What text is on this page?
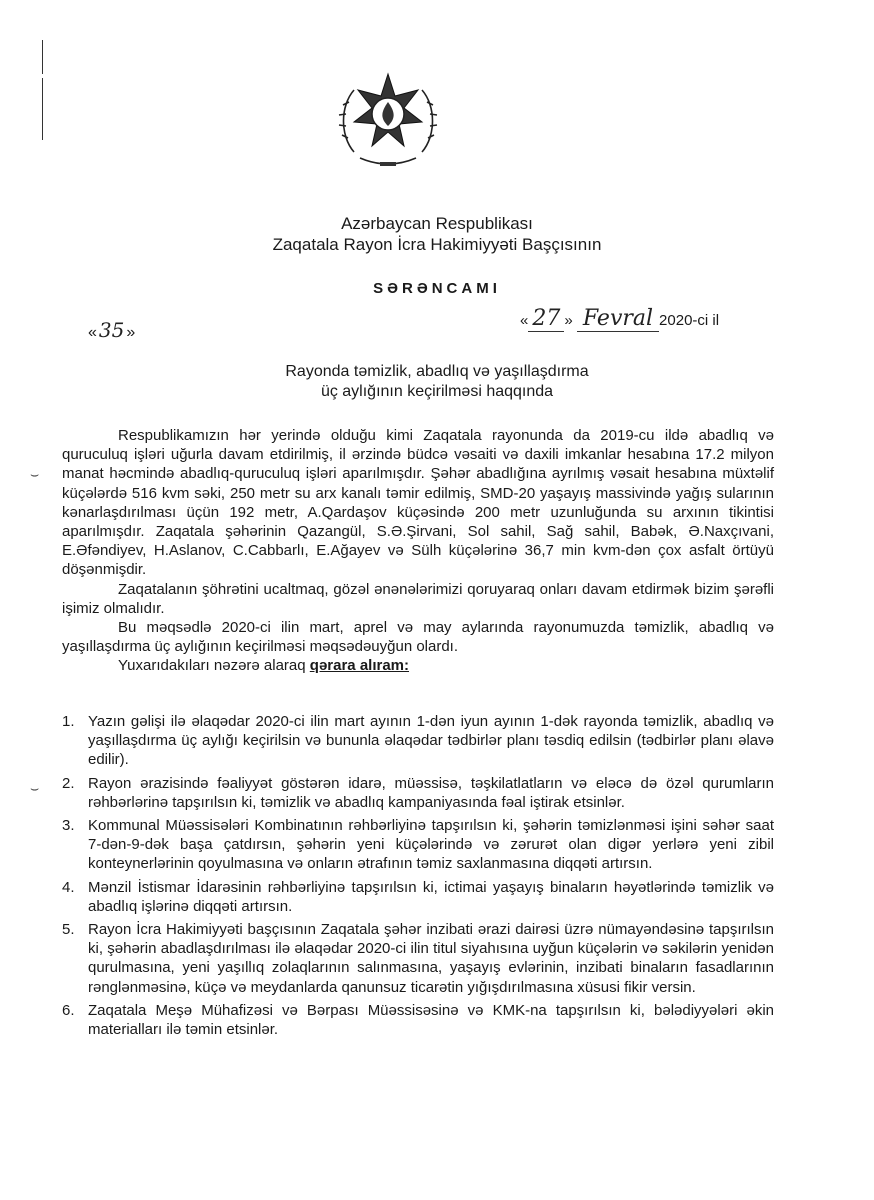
Azərbaycan Respublikası
Zaqatala Rayon İcra Hakimiyyəti Başçısının
SƏRƏNCAMI
« 35 »
« 27 » Fevral 2020-ci il
Rayonda təmizlik, abadlıq və yaşıllaşdırma
üç aylığının keçirilməsi haqqında
⌣
⌣

Respublikamızın hər yerində olduğu kimi Zaqatala rayonunda da 2019-cu ildə abadlıq və quruculuq işləri uğurla davam etdirilmiş, il ərzində büdcə vəsaiti və daxili imkanlar hesabına 17.2 milyon manat həcmində abadlıq-quruculuq işləri aparılmışdır. Şəhər abadlığına ayrılmış vəsait hesabına müxtəlif küçələrdə 516 kvm səki, 250 metr su arx kanalı təmir edilmiş, SMD-20 yaşayış massivində yağış sularının kənarlaşdırılması üçün 192 metr, A.Qardaşov küçəsində 200 metr uzunluğunda su arxının tikintisi aparılmışdır. Zaqatala şəhərinin Qazangül, S.Ə.Şirvani, Sol sahil, Sağ sahil, Babək, Ə.Naxçıvani, E.Əfəndiyev, H.Aslanov, C.Cabbarlı, E.Ağayev və Sülh küçələrinə 36,7 min kvm-dən çox asfalt örtüyü döşənmişdir.

Zaqatalanın şöhrətini ucaltmaq, gözəl ənənələrimizi qoruyaraq onları davam etdirmək bizim şərəfli işimiz olmalıdır.

Bu məqsədlə 2020-ci ilin mart, aprel və may aylarında rayonumuzda təmizlik, abadlıq və yaşıllaşdırma üç aylığının keçirilməsi məqsədəuyğun olardı.

Yuxarıdakıları nəzərə alaraq qərara alıram:

1. Yazın gəlişi ilə əlaqədar 2020-ci ilin mart ayının 1-dən iyun ayının 1-dək rayonda təmizlik, abadlıq və yaşıllaşdırma üç aylığı keçirilsin və bununla əlaqədar tədbirlər planı təsdiq edilsin (tədbirlər planı əlavə edilir).
2. Rayon ərazisində fəaliyyət göstərən idarə, müəssisə, təşkilatlatların və eləcə də özəl qurumların rəhbərlərinə tapşırılsın ki, təmizlik və abadlıq kampaniyasında fəal iştirak etsinlər.
3. Kommunal Müəssisələri Kombinatının rəhbərliyinə tapşırılsın ki, şəhərin təmizlənməsi işini səhər saat 7-dən-9-dək başa çatdırsın, şəhərin yeni küçələrində və zərurət olan digər yerlərə yeni zibil konteynerlərinin qoyulmasına və onların ətrafının təmiz saxlanmasına diqqəti artırsın.
4. Mənzil İstismar İdarəsinin rəhbərliyinə tapşırılsın ki, ictimai yaşayış binaların həyətlərində təmizlik və abadlıq işlərinə diqqəti artırsın.
5. Rayon İcra Hakimiyyəti başçısının Zaqatala şəhər inzibati ərazi dairəsi üzrə nümayəndəsinə tapşırılsın ki, şəhərin abadlaşdırılması ilə əlaqədar 2020-ci ilin titul siyahısına uyğun küçələrin və səkilərin yenidən qurulmasına, yeni yaşıllıq zolaqlarının salınmasına, yaşayış evlərinin, inzibati binaların fasadlarının rənglənməsinə, küçə və meydanlarda qanunsuz ticarətin yığışdırılmasına xüsusi fikir versin.
6. Zaqatala Meşə Mühafizəsi və Bərpası Müəssisəsinə və KMK-na tapşırılsın ki, bələdiyyələri əkin materialları ilə təmin etsinlər.
